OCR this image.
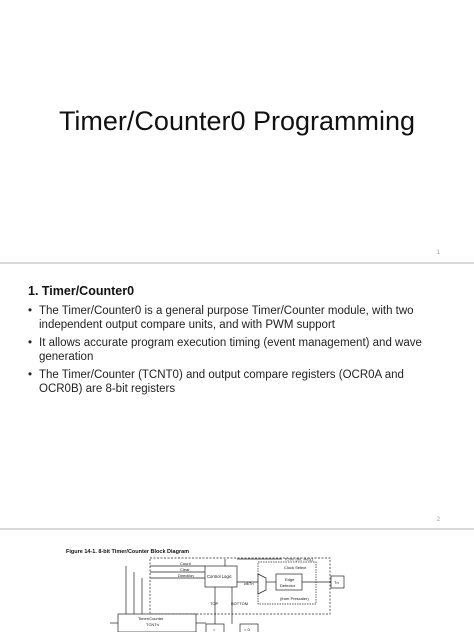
Timer/Counter0 Programming
1
1. Timer/Counter0
• The Timer/Counter0 is a general purpose Timer/Counter module, with two independent output compare units, and with PWM support
• It allows accurate program execution timing (event management) and wave generation
• The Timer/Counter (TCNT0) and output compare registers (OCR0A and OCR0B) are 8-bit registers
2
Figure 14-1. 8-bit Timer/Counter Block Diagram
Count
Clear
Direction	Control Logic
TOVn (Int. Req.)
Clock Select
Edge
Detector
(from Prescaler)
clkTn	Tn
TOP	BOTTOM
Timer/Counter
TCNTn
=	= 0
